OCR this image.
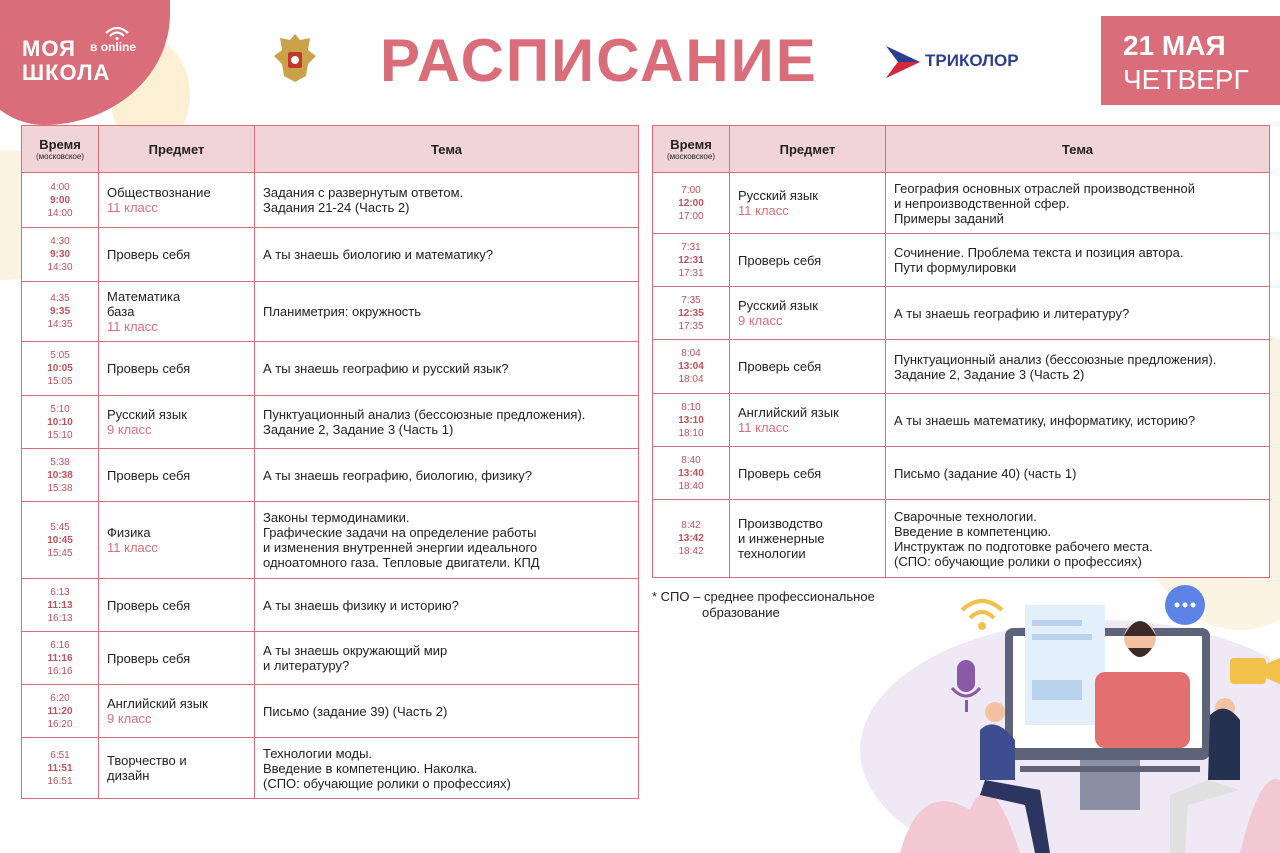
МОЯ
ШКОЛА
в online	РАСПИСАНИЕ	ТРИКОЛОР	21 МАЯ
ЧЕТВЕРГ
Время
(московское)	Предмет	Тема

4:00
9:00
14:00	Обществознание
11 класс	Задания с развернутым ответом.
Задания 21-24 (Часть 2)

4:30
9:30
14:30	Проверь себя	А ты знаешь биологию и математику?

4:35
9:35
14:35	Математика
база
11 класс	Планиметрия: окружность

5:05
10:05
15:05	Проверь себя	А ты знаешь географию и русский язык?

5:10
10:10
15:10	Русский язык
9 класс	Пунктуационный анализ (бессоюзные предложения).
Задание 2, Задание 3 (Часть 1)

5:38
10:38
15:38	Проверь себя	А ты знаешь географию, биологию, физику?

5:45
10:45
15:45	Физика
11 класс	Законы термодинамики.
Графические задачи на определение работы
и изменения внутренней энергии идеального
одноатомного газа. Тепловые двигатели. КПД

6:13
11:13
16:13	Проверь себя	А ты знаешь физику и историю?

6:16
11:16
16:16	Проверь себя	А ты знаешь окружающий мир
и литературу?

6:20
11:20
16:20	Английский язык
9 класс	Письмо (задание 39) (Часть 2)

6:51
11:51
16:51	Творчество и
дизайн	Технологии моды.
Введение в компетенцию. Наколка.
(СПО: обучающие ролики о профессиях)
Время
(московское)	Предмет	Тема

7:00
12:00
17:00	Русский язык
11 класс	География основных отраслей производственной
и непроизводственной сфер.
Примеры заданий

7:31
12:31
17:31	Проверь себя	Сочинение. Проблема текста и позиция автора.
Пути формулировки

7:35
12:35
17:35	Русский язык
9 класс	А ты знаешь географию и литературу?

8:04
13:04
18:04	Проверь себя	Пунктуационный анализ (бессоюзные предложения).
Задание 2, Задание 3 (Часть 2)

8:10
13:10
18:10	Английский язык
11 класс	А ты знаешь математику, информатику, историю?

8:40
13:40
18:40	Проверь себя	Письмо (задание 40) (часть 1)

8:42
13:42
18:42	Производство
и инженерные
технологии	Сварочные технологии.
Введение в компетенцию.
Инструктаж по подготовке рабочего места.
(СПО: обучающие ролики о профессиях)
* СПО – среднее профессиональное
образование
